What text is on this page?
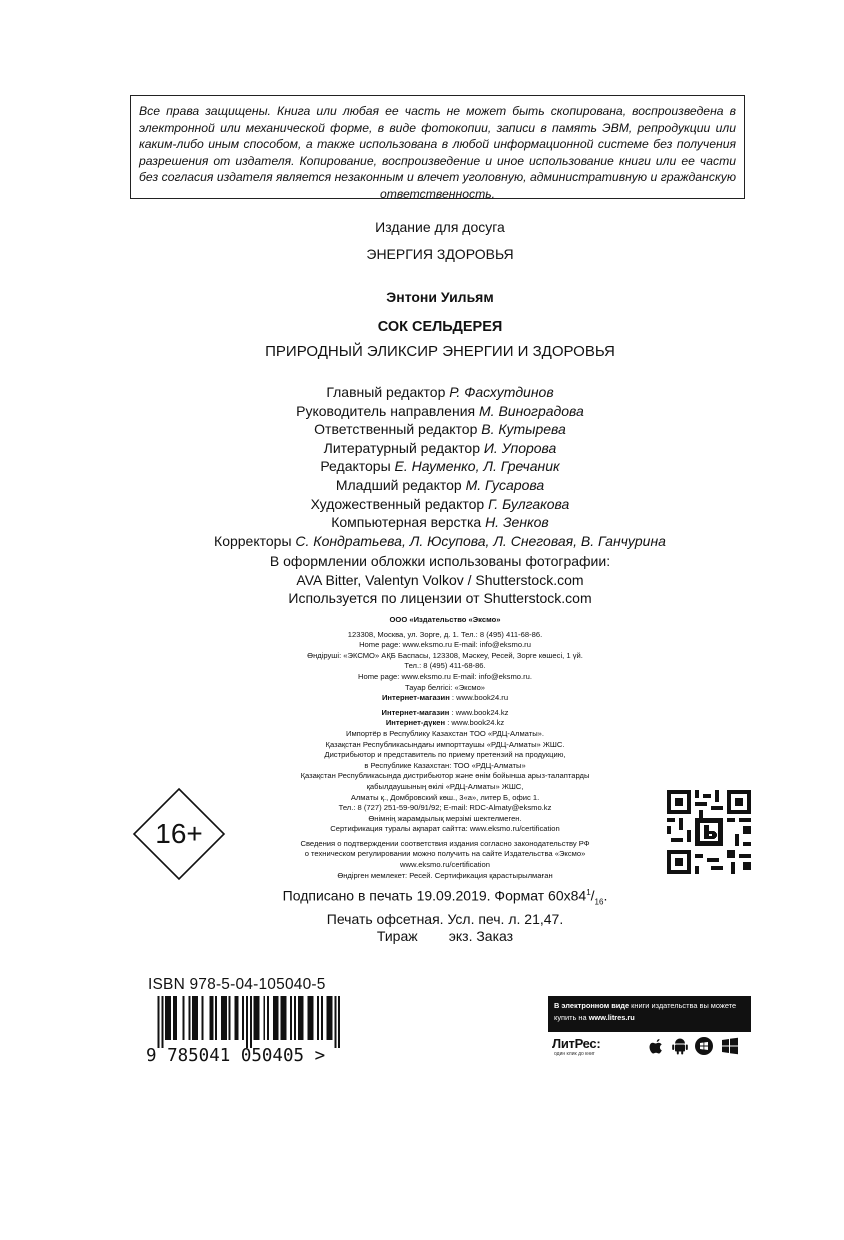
Все права защищены. Книга или любая ее часть не может быть скопирована, воспроизведена в электронной или механической форме, в виде фотокопии, записи в память ЭВМ, репродукции или каким-либо иным способом, а также использована в любой информационной системе без получения разрешения от издателя. Копирование, воспроизведение и иное использование книги или ее части без согласия издателя является незаконным и влечет уголовную, административную и гражданскую ответственность.

Издание для досуга
ЭНЕРГИЯ ЗДОРОВЬЯ
Энтони Уильям
СОК СЕЛЬДЕРЕЯ
ПРИРОДНЫЙ ЭЛИКСИР ЭНЕРГИИ И ЗДОРОВЬЯ
Главный редактор Р. Фасхутдинов
Руководитель направления М. Виноградова
Ответственный редактор В. Кутырева
Литературный редактор И. Упорова
Редакторы Е. Науменко, Л. Гречаник
Младший редактор М. Гусарова
Художественный редактор Г. Булгакова
Компьютерная верстка Н. Зенков
Корректоры С. Кондратьева, Л. Юсупова, Л. Снеговая, В. Ганчурина
В оформлении обложки использованы фотографии:
AVA Bitter, Valentyn Volkov / Shutterstock.com
Используется по лицензии от Shutterstock.com
ООО «Издательство «Эксмо»
123308, Москва, ул. Зорге, д. 1. Тел.: 8 (495) 411-68-86.
Home page: www.eksmo.ru E-mail: info@eksmo.ru
Өндіруші: «ЭКСМО» АҚБ Баспасы, 123308, Мәскеу, Ресей, Зорге көшесі, 1 үй.
Тел.: 8 (495) 411-68-86.
Home page: www.eksmo.ru E-mail: info@eksmo.ru.
Тауар белгісі: «Эксмо»
Интернет-магазин : www.book24.ru
Интернет-магазин : www.book24.kz
Интернет-дүкен : www.book24.kz
Импортёр в Республику Казахстан ТОО «РДЦ-Алматы».
Қазақстан Республикасындағы импорттаушы «РДЦ-Алматы» ЖШС.
Дистрибьютор и представитель по приему претензий на продукцию,
в Республике Казахстан: ТОО «РДЦ-Алматы»
Қазақстан Республикасында дистрибьютор және өнім бойынша арыз-талаптарды
қабылдаушының өкілі «РДЦ-Алматы» ЖШС,
Алматы қ., Домбровский көш., 3«а», литер Б, офис 1.
Тел.: 8 (727) 251-59-90/91/92; E-mail: RDC-Almaty@eksmo.kz
Өнімнің жарамдылық мерзімі шектелмеген.
Сертификация туралы ақпарат сайтта: www.eksmo.ru/certification
Сведения о подтверждении соответствия издания согласно законодательству РФ
о техническом регулировании можно получить на сайте Издательства «Эксмо»
www.eksmo.ru/certification
Өндірген мемлекет: Ресей. Сертификация қарастырылмаған
16+
Подписано в печать 19.09.2019. Формат $60x84^1/_{16}$.
Печать офсетная. Усл. печ. л. 21,47.
Тираж        экз. Заказ
ISBN 978-5-04-105040-5
9 785041 050405 >
В электронном виде книги издательства вы можете
купить на www.litres.ru
ЛитРес:
один клик до книг
